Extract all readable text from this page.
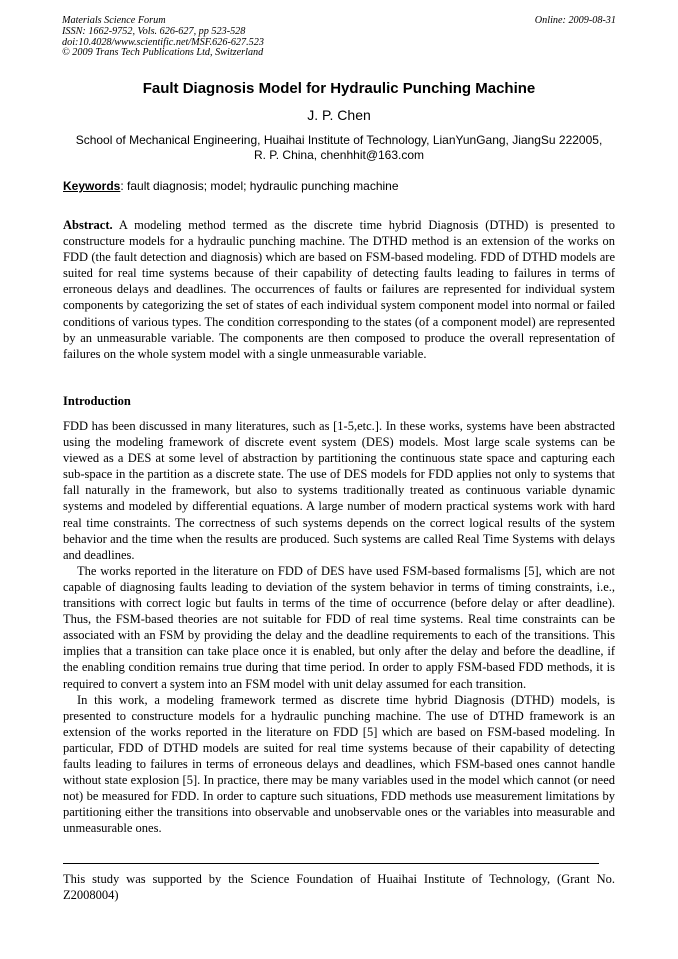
Materials Science Forum	Online: 2009-08-31
ISSN: 1662-9752, Vols. 626-627, pp 523-528
doi:10.4028/www.scientific.net/MSF.626-627.523
© 2009 Trans Tech Publications Ltd, Switzerland
Fault Diagnosis Model for Hydraulic Punching Machine
J. P. Chen
School of Mechanical Engineering, Huaihai Institute of Technology, LianYunGang, JiangSu 222005, R. P. China, chenhhit@163.com
Keywords: fault diagnosis; model; hydraulic punching machine
Abstract. A modeling method termed as the discrete time hybrid Diagnosis (DTHD) is presented to constructure models for a hydraulic punching machine. The DTHD method is an extension of the works on FDD (the fault detection and diagnosis) which are based on FSM-based modeling. FDD of DTHD models are suited for real time systems because of their capability of detecting faults leading to failures in terms of erroneous delays and deadlines. The occurrences of faults or failures are represented for individual system components by categorizing the set of states of each individual system component model into normal or failed conditions of various types. The condition corresponding to the states (of a component model) are represented by an unmeasurable variable. The components are then composed to produce the overall representation of failures on the whole system model with a single unmeasurable variable.
Introduction

FDD has been discussed in many literatures, such as [1-5,etc.]. In these works, systems have been abstracted using the modeling framework of discrete event system (DES) models. Most large scale systems can be viewed as a DES at some level of abstraction by partitioning the continuous state space and capturing each sub-space in the partition as a discrete state. The use of DES models for FDD applies not only to systems that fall naturally in the framework, but also to systems traditionally treated as continuous variable dynamic systems and modeled by differential equations. A large number of modern practical systems work with hard real time constraints. The correctness of such systems depends on the correct logical results of the system behavior and the time when the results are produced. Such systems are called Real Time Systems with delays and deadlines.

The works reported in the literature on FDD of DES have used FSM-based formalisms [5], which are not capable of diagnosing faults leading to deviation of the system behavior in terms of timing constraints, i.e., transitions with correct logic but faults in terms of the time of occurrence (before delay or after deadline). Thus, the FSM-based theories are not suitable for FDD of real time systems. Real time constraints can be associated with an FSM by providing the delay and the deadline requirements to each of the transitions. This implies that a transition can take place once it is enabled, but only after the delay and before the deadline, if the enabling condition remains true during that time period. In order to apply FSM-based FDD methods, it is required to convert a system into an FSM model with unit delay assumed for each transition.

In this work, a modeling framework termed as discrete time hybrid Diagnosis (DTHD) models, is presented to constructure models for a hydraulic punching machine. The use of DTHD framework is an extension of the works reported in the literature on FDD [5] which are based on FSM-based modeling. In particular, FDD of DTHD models are suited for real time systems because of their capability of detecting faults leading to failures in terms of erroneous delays and deadlines, which FSM-based ones cannot handle without state explosion [5]. In practice, there may be many variables used in the model which cannot (or need not) be measured for FDD. In order to capture such situations, FDD methods use measurement limitations by partitioning either the transitions into observable and unobservable ones or the variables into measurable and unmeasurable ones.

This study was supported by the Science Foundation of Huaihai Institute of Technology, (Grant No. Z2008004)
